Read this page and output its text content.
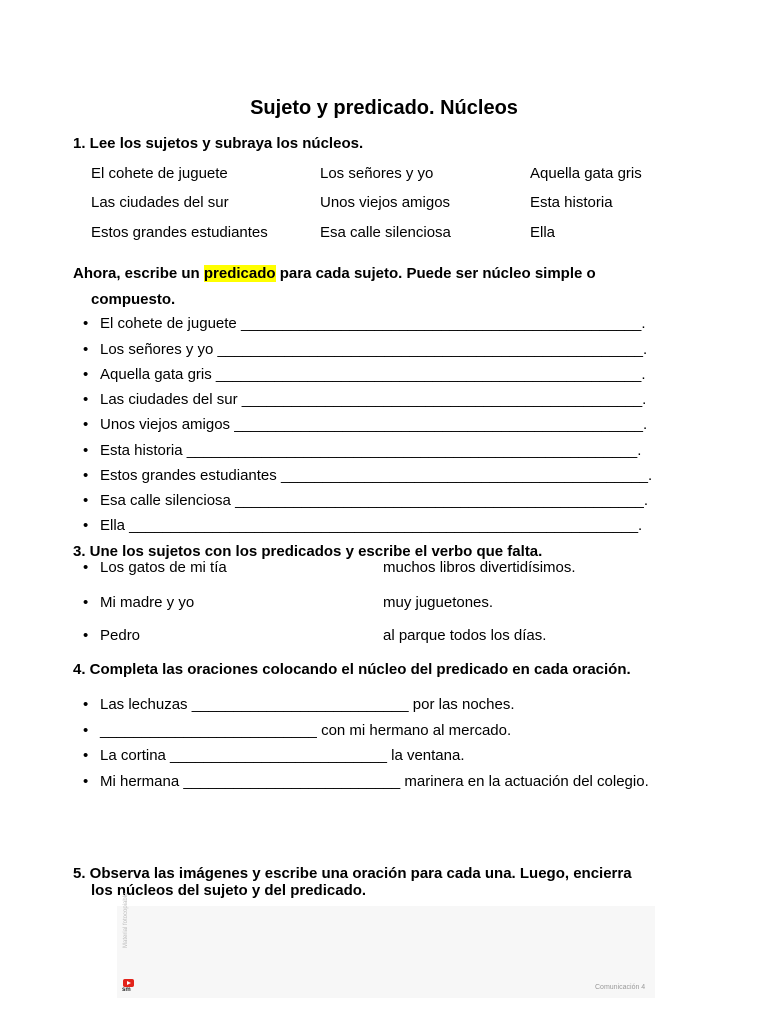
Sujeto y predicado. Núcleos
1. Lee los sujetos y subraya los núcleos.
El cohete de juguete	Los señores y yo	Aquella gata gris
Las ciudades del sur	Unos viejos amigos	Esta historia
Estos grandes estudiantes	Esa calle silenciosa	Ella
Ahora, escribe un predicado para cada sujeto. Puede ser núcleo simple o
compuesto.
• El cohete de juguete ________________________________________________.
• Los señores y yo ___________________________________________________.
• Aquella gata gris ___________________________________________________.
• Las ciudades del sur ________________________________________________.
• Unos viejos amigos _________________________________________________.
• Esta historia ______________________________________________________.
• Estos grandes estudiantes ____________________________________________.
• Esa calle silenciosa _________________________________________________.
• Ella _____________________________________________________________.
3. Une los sujetos con los predicados y escribe el verbo que falta.
• Los gatos de mi tía	muchos libros divertidísimos.
• Mi madre y yo	muy juguetones.
• Pedro	al parque todos los días.
4. Completa las oraciones colocando el núcleo del predicado en cada oración.
• Las lechuzas __________________________ por las noches.
• __________________________ con mi hermano al mercado.
• La cortina __________________________ la ventana.
• Mi hermana __________________________ marinera en la actuación del colegio.
5. Observa las imágenes y escribe una oración para cada una. Luego, encierra
los núcleos del sujeto y del predicado.
Material fotocopiable
sm	Comunicación 4
